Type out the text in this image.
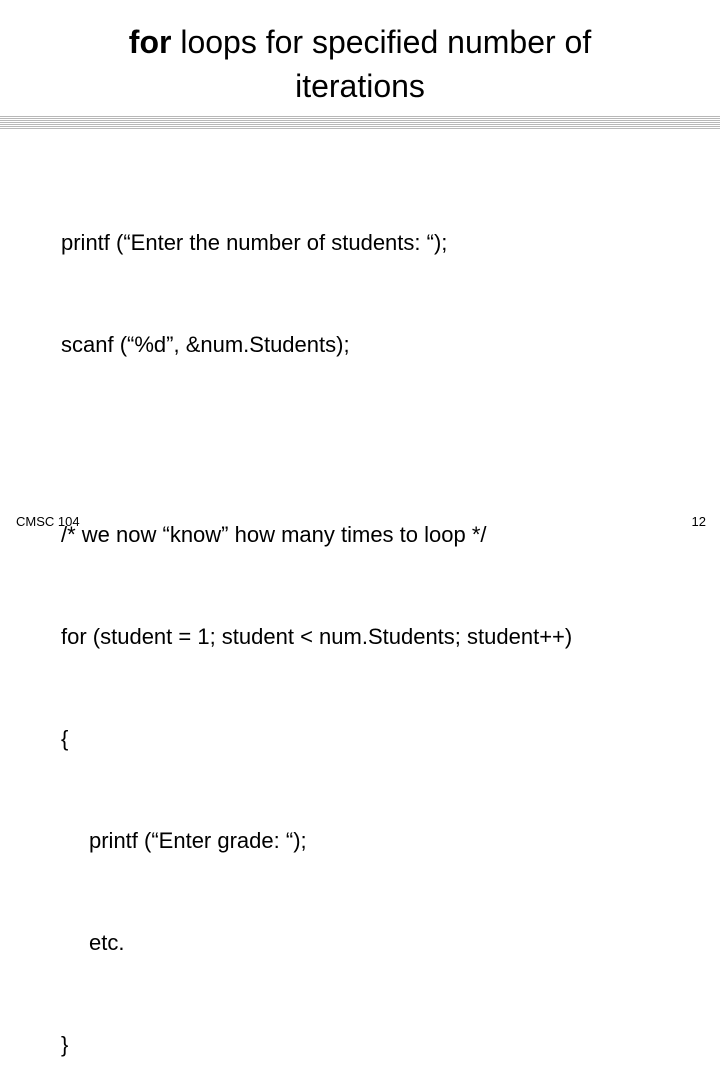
for loops for specified number of
iterations

printf (“Enter the number of students: “);

scanf (“%d”, &num.Students);

/* we now “know” how many times to loop */

for (student = 1; student < num.Students; student++)

{

printf (“Enter grade: “);

etc.

}

CMSC 104	12
